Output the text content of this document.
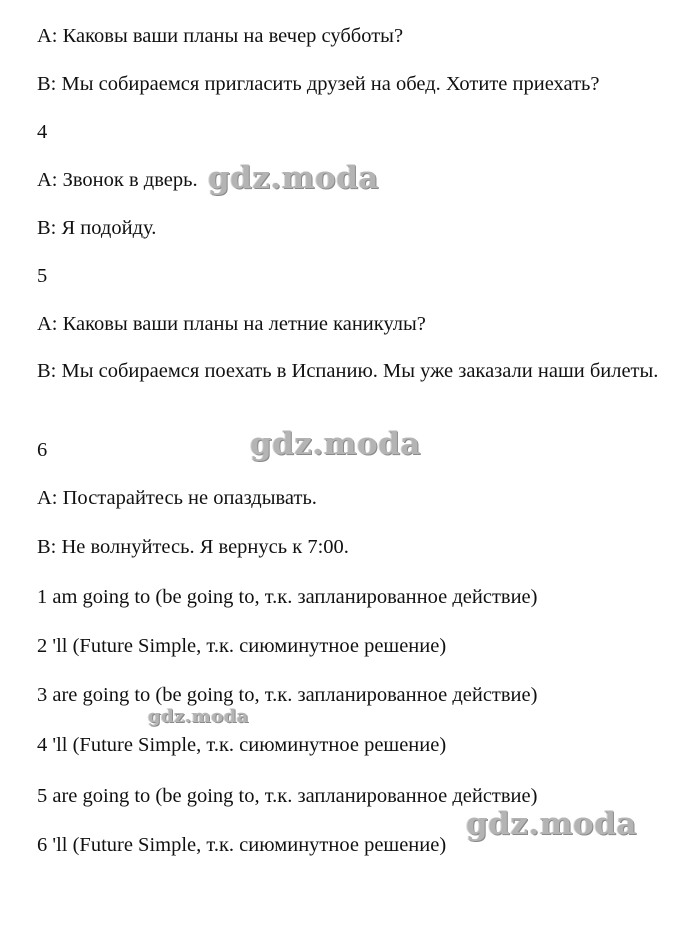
A: Каковы ваши планы на вечер субботы?

B: Мы собираемся пригласить друзей на обед. Хотите приехать?

4

A: Звонок в дверь.

B: Я подойду.

5

A: Каковы ваши планы на летние каникулы?

B: Мы собираемся поехать в Испанию. Мы уже заказали наши билеты.

6

A: Постарайтесь не опаздывать.

B: Не волнуйтесь. Я вернусь к 7:00.

1 am going to (be going to, т.к. запланированное действие)

2 'll (Future Simple, т.к. сиюминутное решение)

3 are going to (be going to, т.к. запланированное действие)

4 'll (Future Simple, т.к. сиюминутное решение)

5 are going to (be going to, т.к. запланированное действие)

6 'll (Future Simple, т.к. сиюминутное решение)

gdz.moda
gdz.moda
gdz.moda
gdz.moda
